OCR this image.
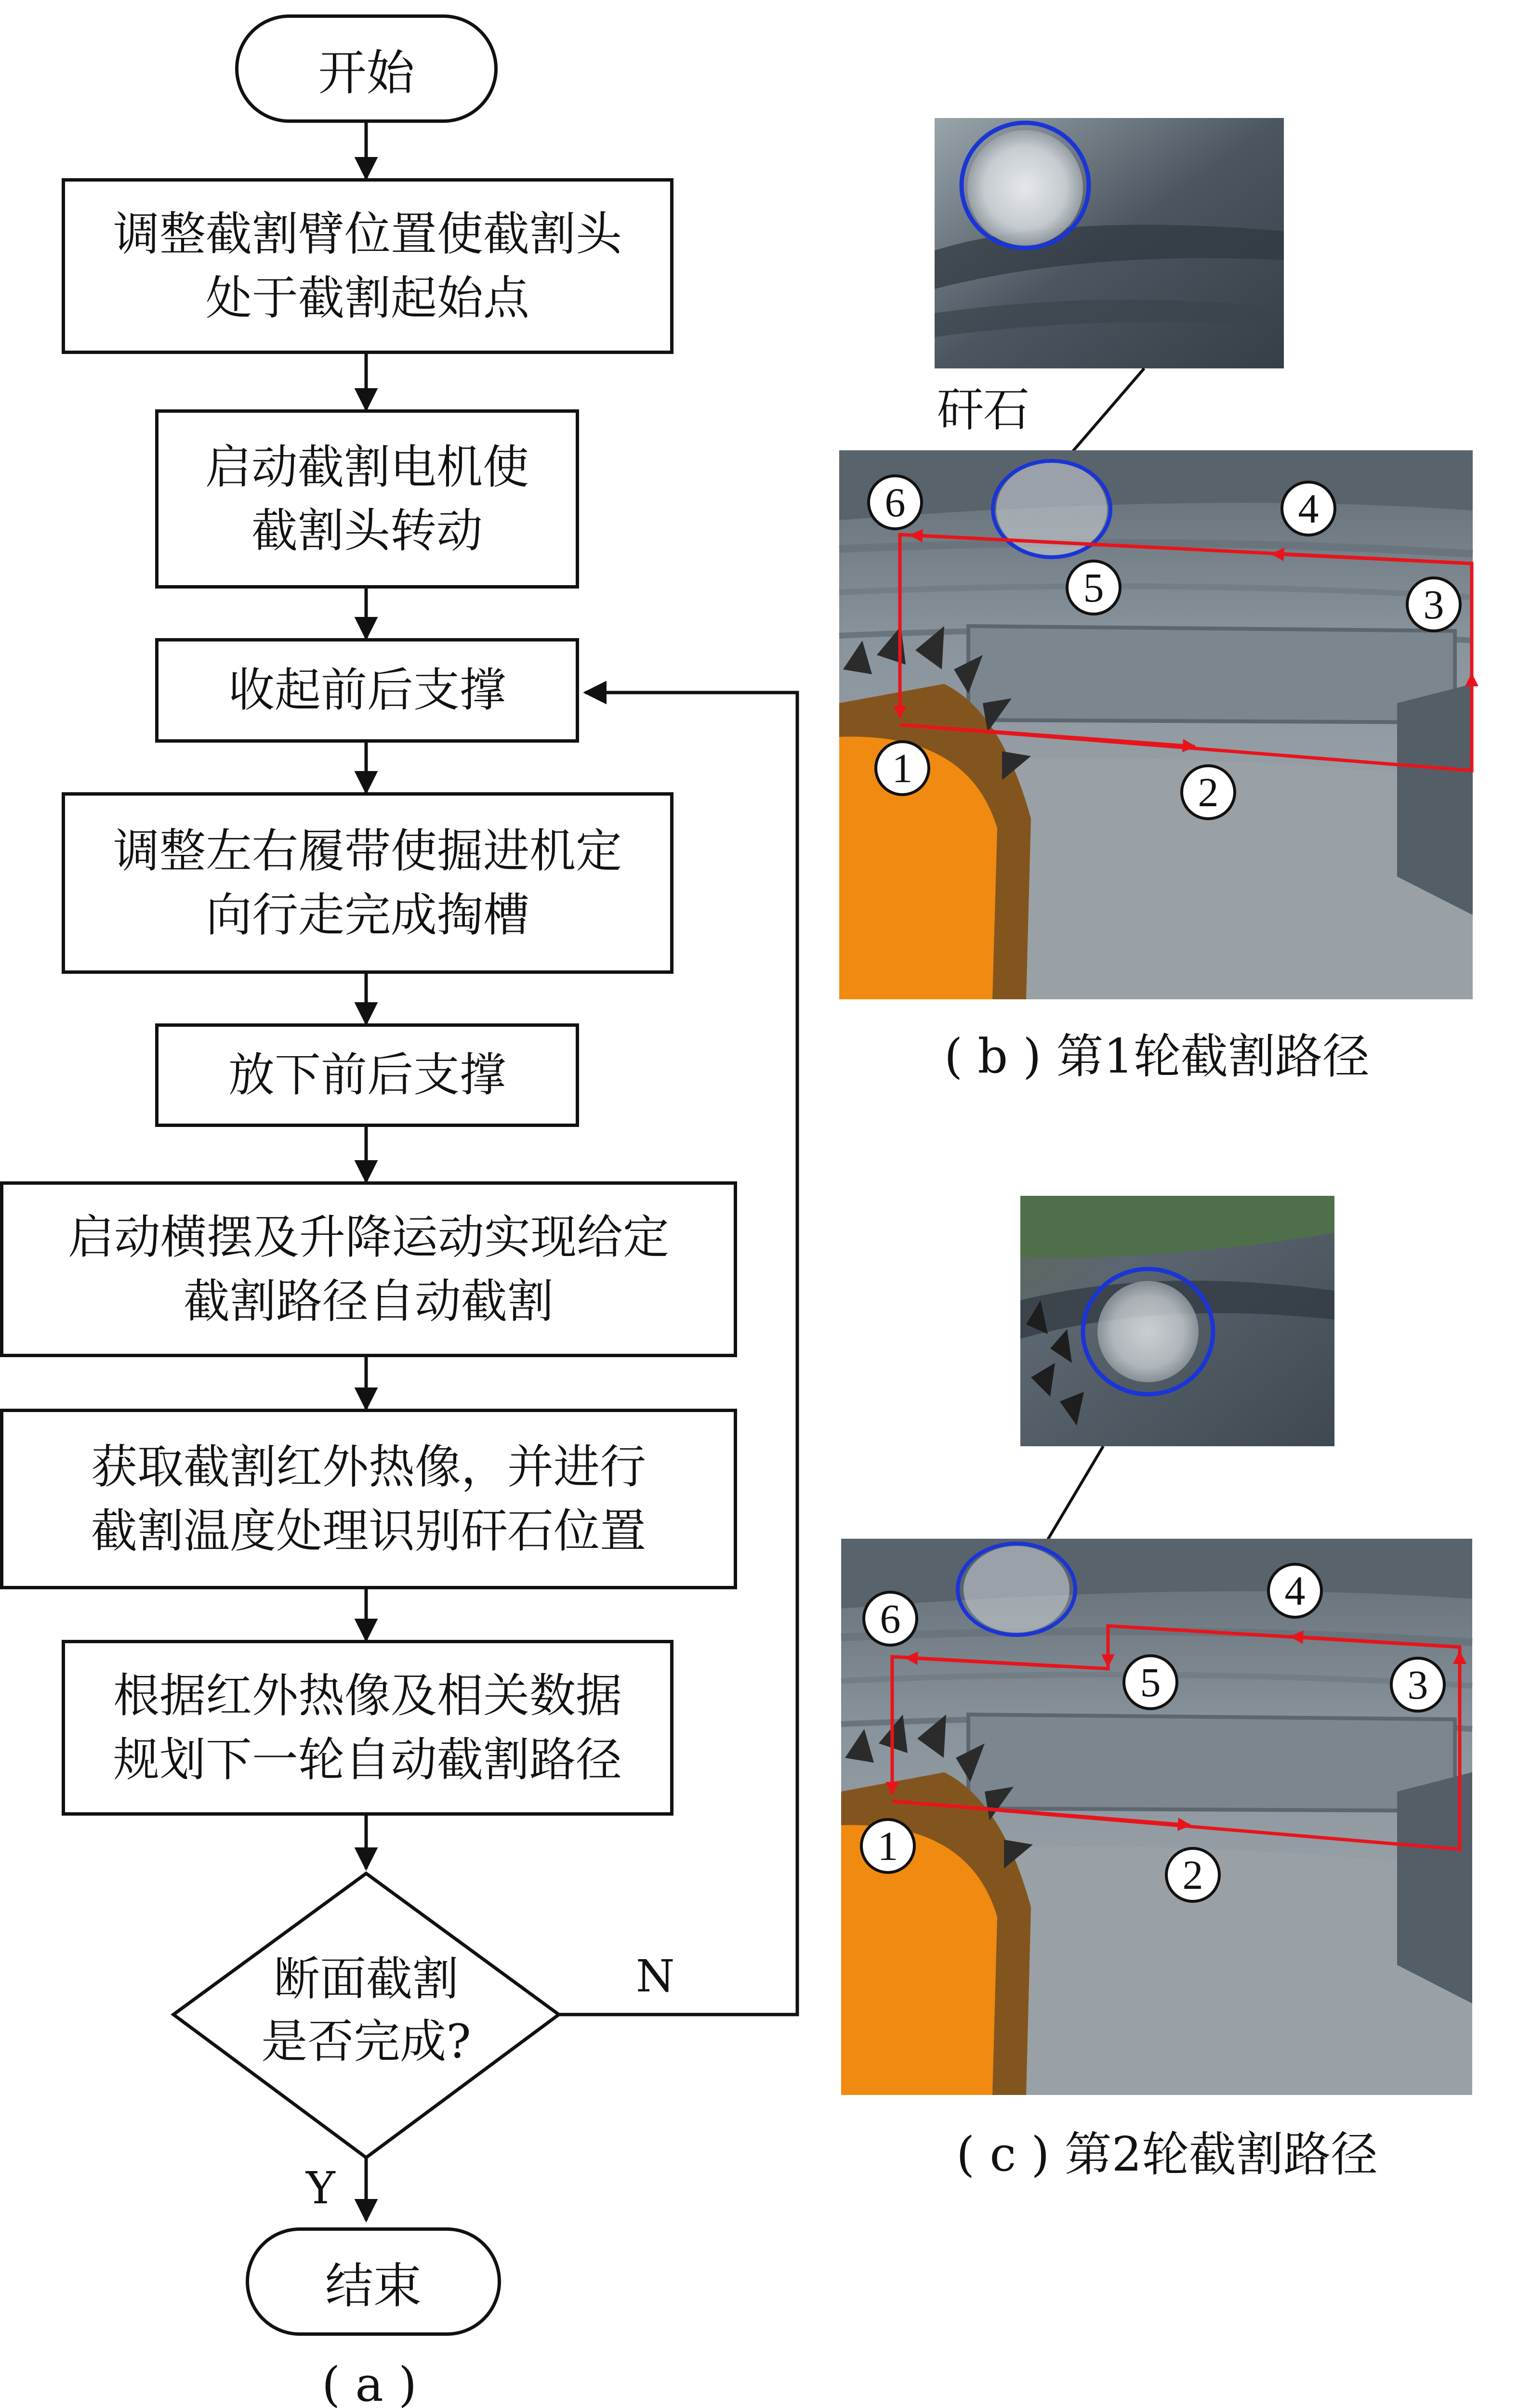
开始
调整截割臂位置使截割头
处于截割起始点
启动截割电机使
截割头转动
收起前后支撑
调整左右履带使掘进机定
向行走完成掏槽
放下前后支撑
启动横摆及升降运动实现给定
截割路径自动截割
获取截割红外热像，并进行
截割温度处理识别矸石位置
根据红外热像及相关数据
规划下一轮自动截割路径
断面截割
是否完成?
N
Y
结束
( a )
矸石
6	4
5	3
1
2
( b ) 第1轮截割路径
6
4
5	3
1
2
( c ) 第2轮截割路径
